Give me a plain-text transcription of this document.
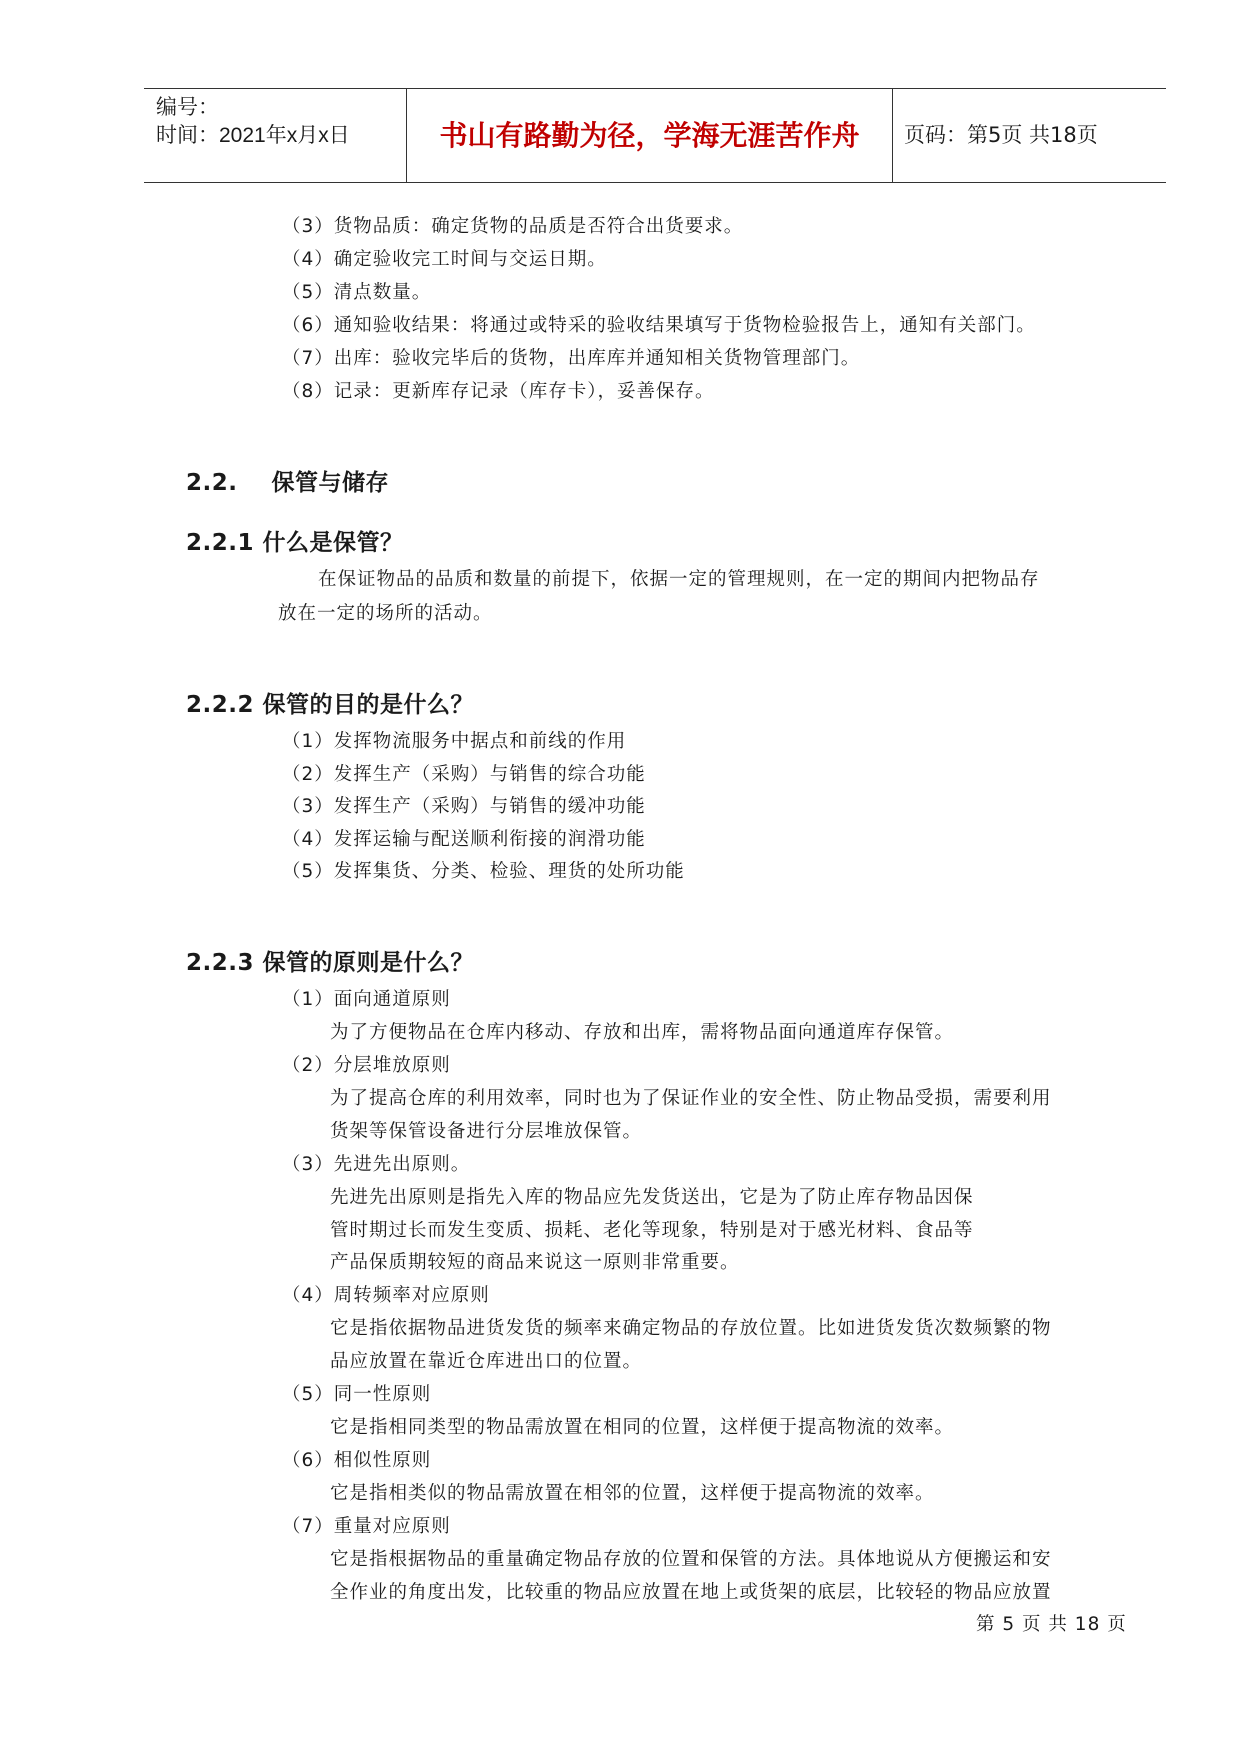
编号：
时间：2021年x月x日	书山有路勤为径，学海无涯苦作舟	页码：第5页 共18页
（3）货物品质：确定货物的品质是否符合出货要求。
（4）确定验收完工时间与交运日期。
（5）清点数量。
（6）通知验收结果：将通过或特采的验收结果填写于货物检验报告上，通知有关部门。
（7）出库：验收完毕后的货物，出库库并通知相关货物管理部门。
（8）记录：更新库存记录（库存卡），妥善保存。
2.2.    保管与储存
2.2.1 什么是保管？
在保证物品的品质和数量的前提下，依据一定的管理规则，在一定的期间内把物品存
放在一定的场所的活动。
2.2.2 保管的目的是什么？
（1）发挥物流服务中据点和前线的作用
（2）发挥生产（采购）与销售的综合功能
（3）发挥生产（采购）与销售的缓冲功能
（4）发挥运输与配送顺利衔接的润滑功能
（5）发挥集货、分类、检验、理货的处所功能
2.2.3 保管的原则是什么？
（1）面向通道原则
为了方便物品在仓库内移动、存放和出库，需将物品面向通道库存保管。
（2）分层堆放原则
为了提高仓库的利用效率，同时也为了保证作业的安全性、防止物品受损，需要利用
货架等保管设备进行分层堆放保管。
（3）先进先出原则。
先进先出原则是指先入库的物品应先发货送出，它是为了防止库存物品因保
管时期过长而发生变质、损耗、老化等现象，特别是对于感光材料、食品等
产品保质期较短的商品来说这一原则非常重要。
（4）周转频率对应原则
它是指依据物品进货发货的频率来确定物品的存放位置。比如进货发货次数频繁的物
品应放置在靠近仓库进出口的位置。
（5）同一性原则
它是指相同类型的物品需放置在相同的位置，这样便于提高物流的效率。
（6）相似性原则
它是指相类似的物品需放置在相邻的位置，这样便于提高物流的效率。
（7）重量对应原则
它是指根据物品的重量确定物品存放的位置和保管的方法。具体地说从方便搬运和安
全作业的角度出发，比较重的物品应放置在地上或货架的底层，比较轻的物品应放置
第 5 页 共 18 页
